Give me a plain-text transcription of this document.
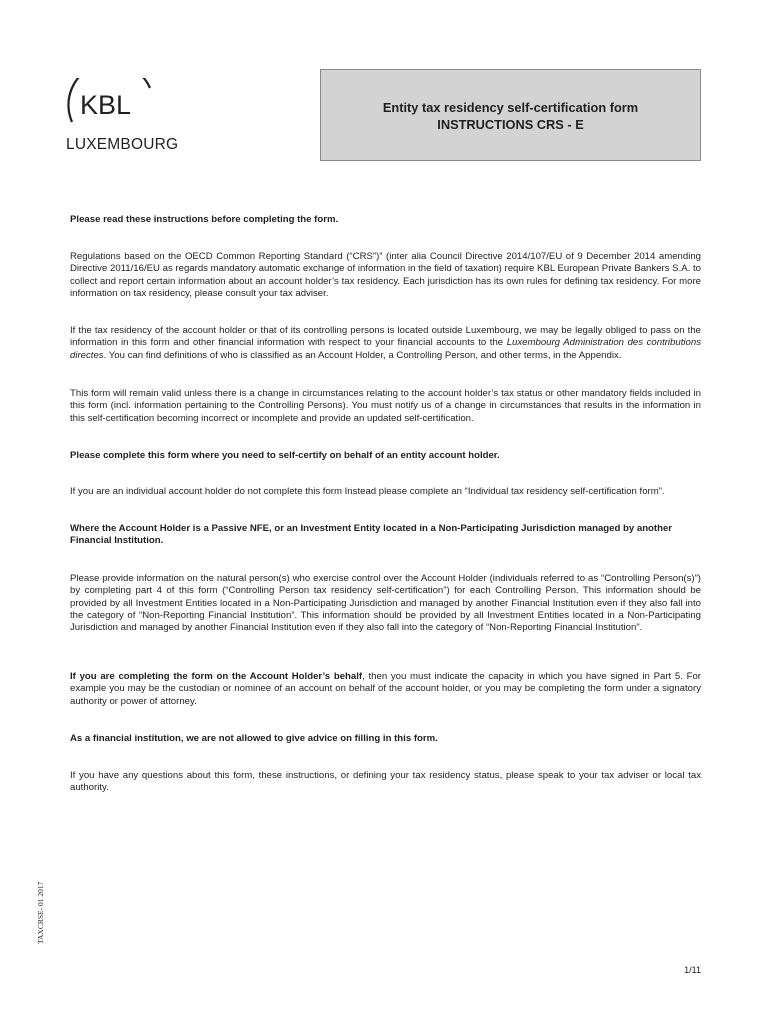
KBL
LUXEMBOURG
Entity tax residency self-certification form
INSTRUCTIONS CRS - E
Please read these instructions before completing the form.
Regulations based on the OECD Common Reporting Standard (“CRS”)” (inter alia Council Directive 2014/107/EU of 9 December 2014 amending Directive 2011/16/EU as regards mandatory automatic exchange of information in the field of taxation) require KBL European Private Bankers S.A. to collect and report certain information about an account holder’s tax residency. Each jurisdiction has its own rules for defining tax residency. For more information on tax residency, please consult your tax adviser.
If the tax residency of the account holder or that of its controlling persons is located outside Luxembourg, we may be legally obliged to pass on the information in this form and other financial information with respect to your financial accounts to the Luxembourg Administration des contributions directes. You can find definitions of who is classified as an Account Holder, a Controlling Person, and other terms, in the Appendix.
This form will remain valid unless there is a change in circumstances relating to the account holder’s tax status or other mandatory fields included in this form (incl. information pertaining to the Controlling Persons). You must notify us of a change in circumstances that results in the information in this self-certification becoming incorrect or incomplete and provide an updated self-certification.
Please complete this form where you need to self-certify on behalf of an entity account holder.
If you are an individual account holder do not complete this form Instead please complete an “Individual tax residency self-certification form”.
Where the Account Holder is a Passive NFE, or an Investment Entity located in a Non-Participating Jurisdiction managed by another Financial Institution.
Please provide information on the natural person(s) who exercise control over the Account Holder (individuals referred to as “Controlling Person(s)”) by completing part 4 of this form (“Controlling Person tax residency self-certification”) for each Controlling Person. This information should be provided by all Investment Entities located in a Non-Participating Jurisdiction and managed by another Financial Institution even if they also fall into the category of “Non-Reporting Financial Institution”. This information should be provided by all Investment Entities located in a Non-Participating Jurisdiction and managed by another Financial Institution even if they also fall into the category of “Non-Reporting Financial Institution”.
If you are completing the form on the Account Holder’s behalf, then you must indicate the capacity in which you have signed in Part 5. For example you may be the custodian or nominee of an account on behalf of the account holder, or you may be completing the form under a signatory authority or power of attorney.
As a financial institution, we are not allowed to give advice on filling in this form.
If you have any questions about this form, these instructions, or defining your tax residency status, please speak to your tax adviser or local tax authority.
TAXCRSE- 01 2017
1/11
